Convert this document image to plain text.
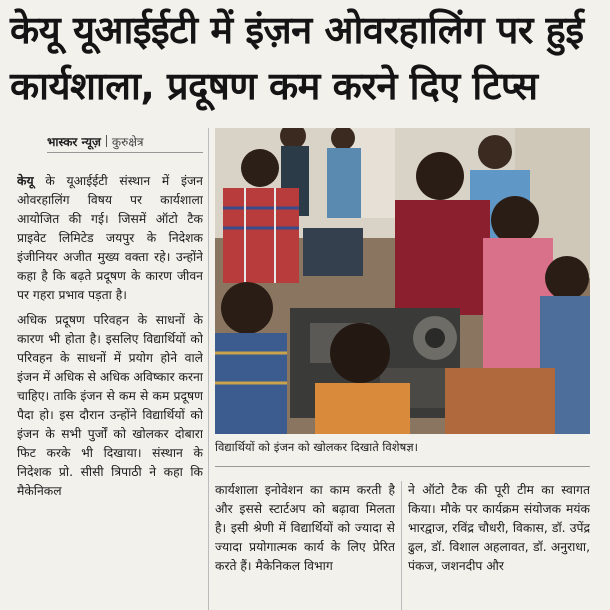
केयू यूआईईटी में इंज़न ओवरहालिंग पर हुई
कार्यशाला, प्रदूषण कम करने दिए टिप्स
भास्कर न्यूज़ कुरुक्षेत्र

केयू के यूआईईटी संस्थान में इंजन ओवरहालिंग विषय पर कार्यशाला आयोजित की गई। जिसमें ऑटो टैक प्राइवेट लिमिटेड जयपुर के निदेशक इंजीनियर अजीत मुख्य वक्ता रहे। उन्होंने कहा है कि बढ़ते प्रदूषण के कारण जीवन पर गहरा प्रभाव पड़ता है।

अधिक प्रदूषण परिवहन के साधनों के कारण भी होता है। इसलिए विद्यार्थियों को परिवहन के साधनों में प्रयोग होने वाले इंजन में अधिक से अधिक अविष्कार करना चाहिए। ताकि इंजन से कम से कम प्रदूषण पैदा हो। इस दौरान उन्होंने विद्यार्थियों को इंजन के सभी पुर्जों को खोलकर दोबारा फिट करके भी दिखाया। संस्थान के निदेशक प्रो. सीसी त्रिपाठी ने कहा कि मैकेनिकल

विद्यार्थियों को इंजन को खोलकर दिखाते विशेषज्ञ।

कार्यशाला इनोवेशन का काम करती है और इससे स्टार्टअप को बढ़ावा मिलता है। इसी श्रेणी में विद्यार्थियों को ज्यादा से ज्यादा प्रयोगात्मक कार्य के लिए प्रेरित करते हैं। मैकेनिकल विभाग

ने ऑटो टैक की पूरी टीम का स्वागत किया। मौके पर कार्यक्रम संयोजक मयंक भारद्वाज, रविंद्र चौधरी, विकास, डॉ. उपेंद्र ढुल, डॉ. विशाल अहलावत, डॉ. अनुराधा, पंकज, जशनदीप और
